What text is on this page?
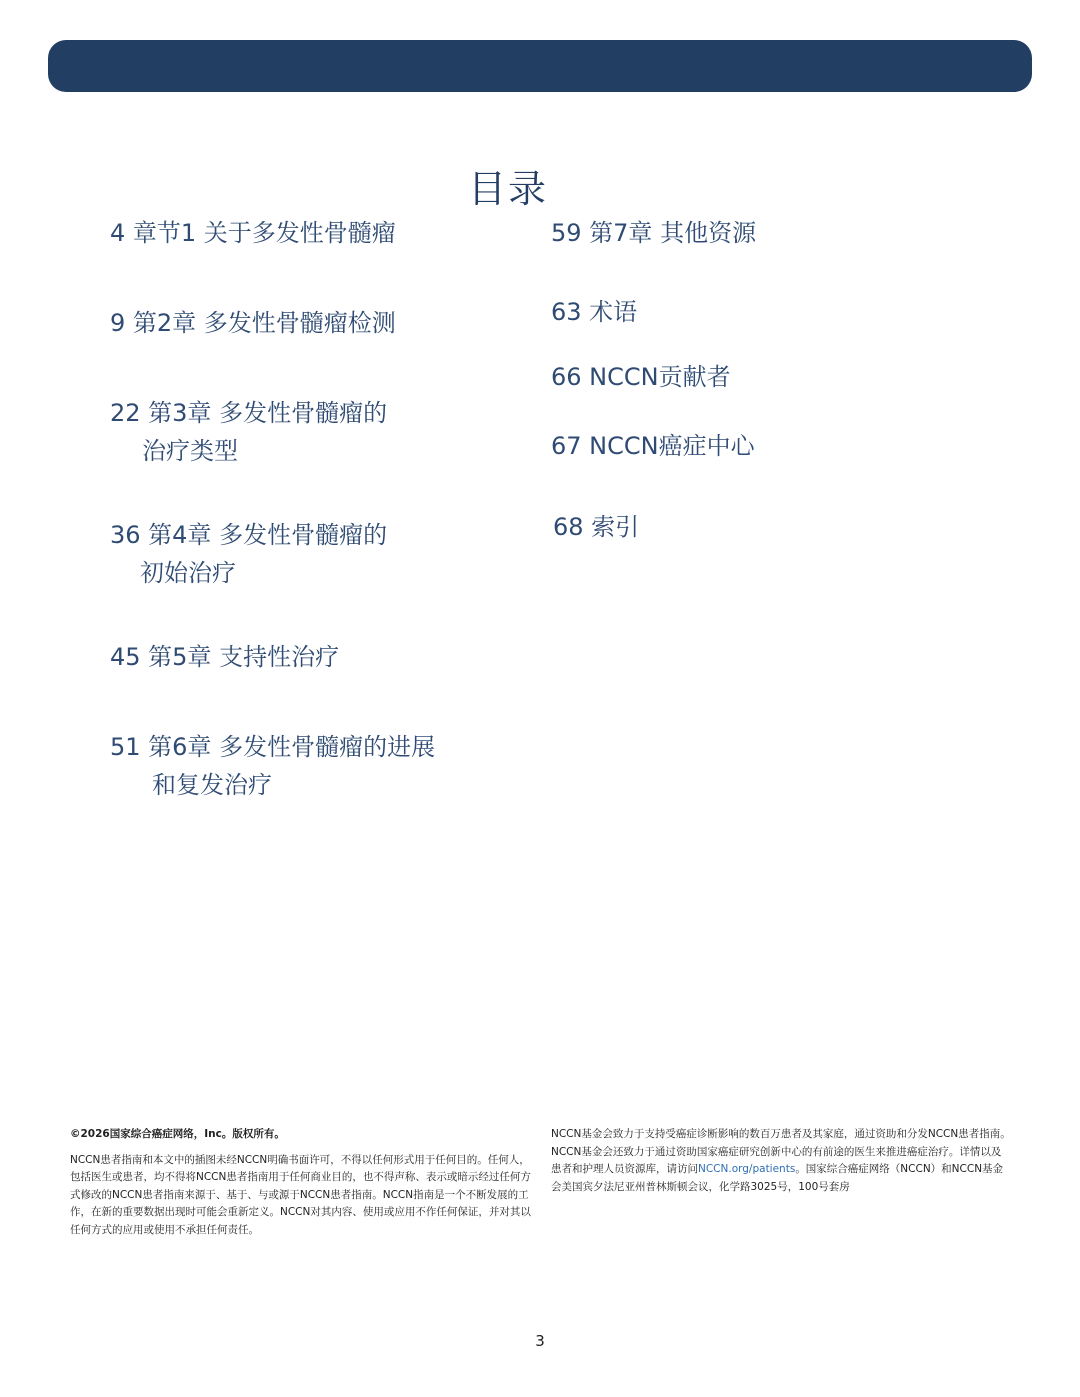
目录
4 章节1 关于多发性骨髓瘤
9 第2章 多发性骨髓瘤检测
22 第3章 多发性骨髓瘤的
治疗类型
36 第4章 多发性骨髓瘤的
初始治疗
45 第5章 支持性治疗
51 第6章 多发性骨髓瘤的进展
和复发治疗
59 第7章 其他资源
63 术语
66 NCCN贡献者
67 NCCN癌症中心
68 索引
©2026国家综合癌症网络，Inc。版权所有。
NCCN患者指南和本文中的插图未经NCCN明确书面许可，不得以任何形式用于任何目的。任何人，包括医生或患者，均不得将NCCN患者指南用于任何商业目的，也不得声称、表示或暗示经过任何方式修改的NCCN患者指南来源于、基于、与或源于NCCN患者指南。NCCN指南是一个不断发展的工作，在新的重要数据出现时可能会重新定义。NCCN对其内容、使用或应用不作任何保证，并对其以任何方式的应用或使用不承担任何责任。
NCCN基金会致力于支持受癌症诊断影响的数百万患者及其家庭，通过资助和分发NCCN患者指南。NCCN基金会还致力于通过资助国家癌症研究创新中心的有前途的医生来推进癌症治疗。详情以及患者和护理人员资源库，请访问NCCN.org/patients。国家综合癌症网络（NCCN）和NCCN基金会美国宾夕法尼亚州普林斯顿会议，化学路3025号，100号套房
3
